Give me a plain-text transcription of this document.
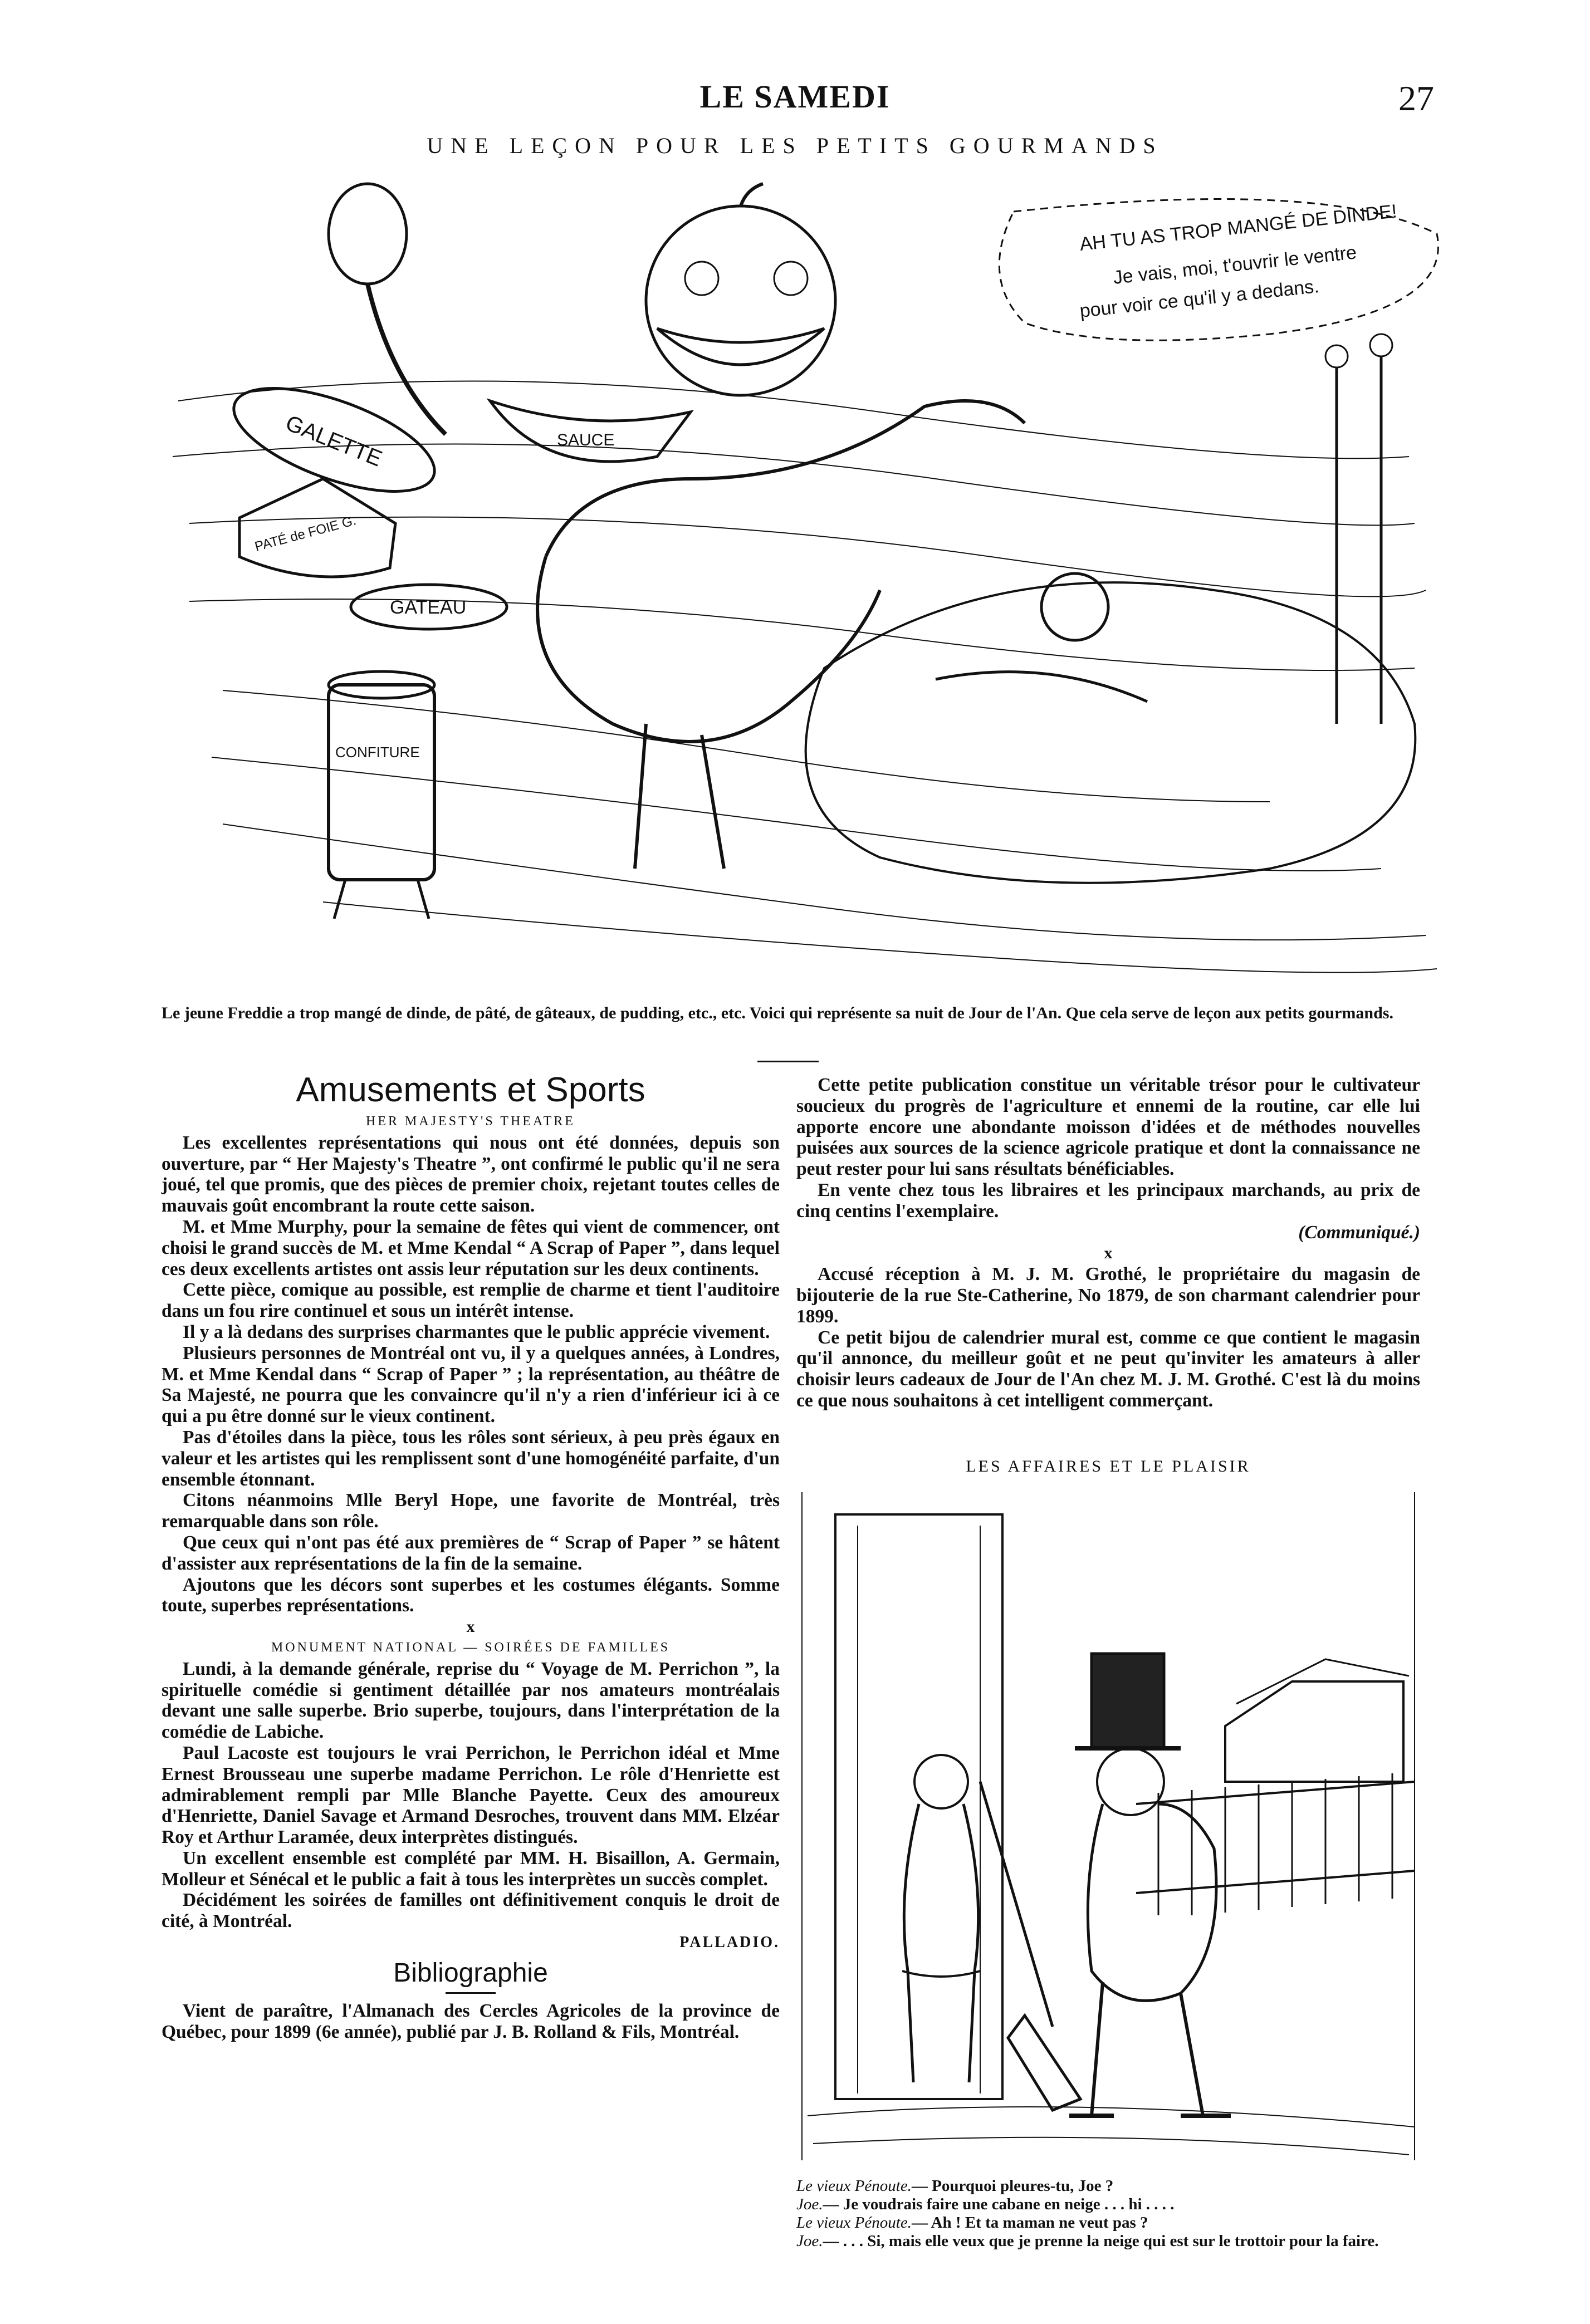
LE SAMEDI	27
UNE LEÇON POUR LES PETITS GOURMANDS
AH TU AS TROP MANGÉ DE DINDE!
Je vais, moi, t'ouvrir le ventre
pour voir ce qu'il y a dedans.
GALETTE	SAUCE
PATÉ de FOIE G.
GATEAU
CONFITURE
Le jeune Freddie a trop mangé de dinde, de pâté, de gâteaux, de pudding, etc., etc. Voici qui représente sa nuit de Jour de l'An. Que cela serve de leçon aux petits gourmands.
Amusements et Sports

HER MAJESTY'S THEATRE

Les excellentes représentations qui nous ont été données, depuis son ouverture, par “ Her Majesty's Theatre ”, ont confirmé le public qu'il ne sera joué, tel que promis, que des pièces de premier choix, rejetant toutes celles de mauvais goût encombrant la route cette saison.

M. et Mme Murphy, pour la semaine de fêtes qui vient de commencer, ont choisi le grand succès de M. et Mme Kendal “ A Scrap of Paper ”, dans lequel ces deux excellents artistes ont assis leur réputation sur les deux continents.

Cette pièce, comique au possible, est remplie de charme et tient l'auditoire dans un fou rire continuel et sous un intérêt intense.

Il y a là dedans des surprises charmantes que le public apprécie vivement.

Plusieurs personnes de Montréal ont vu, il y a quelques années, à Londres, M. et Mme Kendal dans “ Scrap of Paper ” ; la représentation, au théâtre de Sa Majesté, ne pourra que les convaincre qu'il n'y a rien d'inférieur ici à ce qui a pu être donné sur le vieux continent.

Pas d'étoiles dans la pièce, tous les rôles sont sérieux, à peu près égaux en valeur et les artistes qui les remplissent sont d'une homogénéité parfaite, d'un ensemble étonnant.

Citons néanmoins Mlle Beryl Hope, une favorite de Montréal, très remarquable dans son rôle.

Que ceux qui n'ont pas été aux premières de “ Scrap of Paper ” se hâtent d'assister aux représentations de la fin de la semaine.

Ajoutons que les décors sont superbes et les costumes élégants. Somme toute, superbes représentations.

x

MONUMENT NATIONAL — SOIRÉES DE FAMILLES

Lundi, à la demande générale, reprise du “ Voyage de M. Perrichon ”, la spirituelle comédie si gentiment détaillée par nos amateurs montréalais devant une salle superbe. Brio superbe, toujours, dans l'interprétation de la comédie de Labiche.

Paul Lacoste est toujours le vrai Perrichon, le Perrichon idéal et Mme Ernest Brousseau une superbe madame Perrichon. Le rôle d'Henriette est admirablement rempli par Mlle Blanche Payette. Ceux des amoureux d'Henriette, Daniel Savage et Armand Desroches, trouvent dans MM. Elzéar Roy et Arthur Laramée, deux interprètes distingués.

Un excellent ensemble est complété par MM. H. Bisaillon, A. Germain, Molleur et Sénécal et le public a fait à tous les interprètes un succès complet.

Décidément les soirées de familles ont définitivement conquis le droit de cité, à Montréal.

PALLADIO.

Bibliographie

Vient de paraître, l'Almanach des Cercles Agricoles de la province de Québec, pour 1899 (6e année), publié par J. B. Rolland & Fils, Montréal.

Cette petite publication constitue un véritable trésor pour le cultivateur soucieux du progrès de l'agriculture et ennemi de la routine, car elle lui apporte encore une abondante moisson d'idées et de méthodes nouvelles puisées aux sources de la science agricole pratique et dont la connaissance ne peut rester pour lui sans résultats bénéficiables.

En vente chez tous les libraires et les principaux marchands, au prix de cinq centins l'exemplaire.

(Communiqué.)

x

Accusé réception à M. J. M. Grothé, le propriétaire du magasin de bijouterie de la rue Ste-Catherine, No 1879, de son charmant calendrier pour 1899.

Ce petit bijou de calendrier mural est, comme ce que contient le magasin qu'il annonce, du meilleur goût et ne peut qu'inviter les amateurs à aller choisir leurs cadeaux de Jour de l'An chez M. J. M. Grothé. C'est là du moins ce que nous souhaitons à cet intelligent commerçant.

LES AFFAIRES ET LE PLAISIR

Le vieux Pénoute.— Pourquoi pleures-tu, Joe ?
Joe.— Je voudrais faire une cabane en neige . . . hi . . . .
Le vieux Pénoute.— Ah ! Et ta maman ne veut pas ?
Joe.— . . . Si, mais elle veux que je prenne la neige qui est sur le trottoir pour la faire.
